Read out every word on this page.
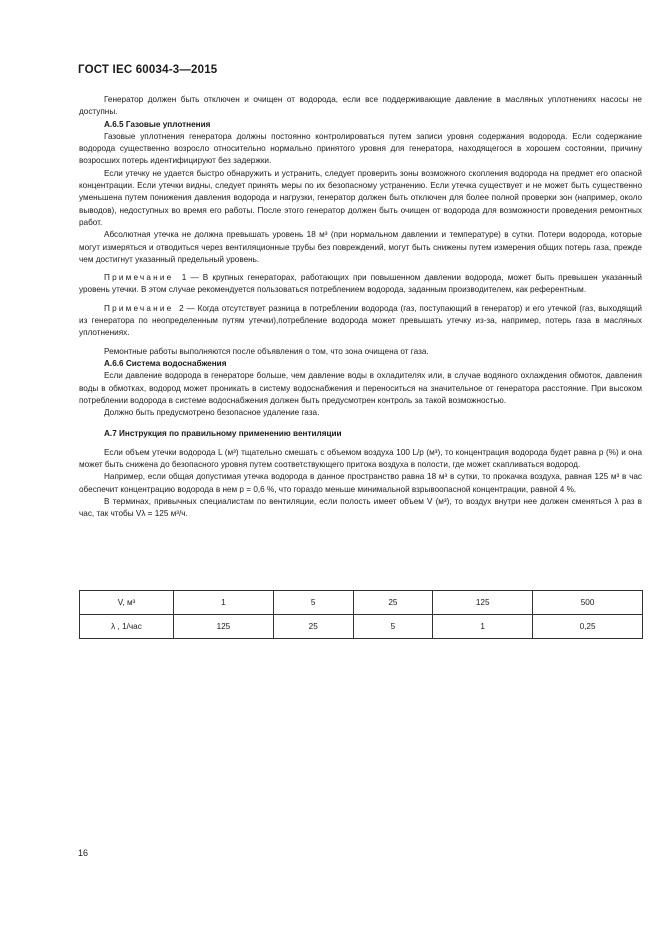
ГОСТ IEC 60034-3—2015

Генератор должен быть отключен и очищен от водорода, если все поддерживающие давление в масляных уплотнениях насосы не доступны.

А.6.5 Газовые уплотнения

Газовые уплотнения генератора должны постоянно контролироваться путем записи уровня содержания водорода. Если содержание водорода существенно возросло относительно нормально принятого уровня для генератора, находящегося в хорошем состоянии, причину возросших потерь идентифицируют без задержки.

Если утечку не удается быстро обнаружить и устранить, следует проверить зоны возможного скопления водорода на предмет его опасной концентрации. Если утечки видны, следует принять меры по их безопасному устранению. Если утечка существует и не может быть существенно уменьшена путем понижения давления водорода и нагрузки, генератор должен быть отключен для более полной проверки зон (например, около выводов), недоступных во время его работы. После этого генератор должен быть очищен от водорода для возможности проведения ремонтных работ.

Абсолютная утечка не должна превышать уровень 18 м³ (при нормальном давлении и температуре) в сутки. Потери водорода, которые могут измеряться и отводиться через вентиляционные трубы без повреждений, могут быть снижены путем измерения общих потерь газа, прежде чем достигнут указанный предельный уровень.

Примечание 1 — В крупных генераторах, работающих при повышенном давлении водорода, может быть превышен указанный уровень утечки. В этом случае рекомендуется пользоваться потреблением водорода, заданным производителем, как референтным.

Примечание 2 — Когда отсутствует разница в потреблении водорода (газ, поступающий в генератор) и его утечкой (газ, выходящий из генератора по неопределенным путям утечки),потребление водорода может превышать утечку из-за, например, потерь газа в масляных уплотнениях.

Ремонтные работы выполняются после объявления о том, что зона очищена от газа.

А.6.6 Система водоснабжения

Если давление водорода в генераторе больше, чем давление воды в охладителях или, в случае водяного охлаждения обмоток, давления воды в обмотках, водород может проникать в систему водоснабжения и переноситься на значительное от генератора расстояние. При высоком потреблении водорода в системе водоснабжения должен быть предусмотрен контроль за такой возможностью.

Должно быть предусмотрено безопасное удаление газа.

А.7 Инструкция по правильному применению вентиляции

Если объем утечки водорода L (м³) тщательно смешать с объемом воздуха 100 L/p (м³), то концентрация водорода будет равна p (%) и она может быть снижена до безопасного уровня путем соответствующего притока воздуха в полости, где может скапливаться водород.

Например, если общая допустимая утечка водорода в данное пространство равна 18 м³ в сутки, то прокачка воздуха, равная 125 м³ в час обеспечит концентрацию водорода в нем p = 0,6 %, что гораздо меньше минимальной взрывоопасной концентрации, равной 4 %.

В терминах, привычных специалистам по вентиляции, если полость имеет объем V (м³), то воздух внутри нее должен сменяться λ раз в час, так чтобы Vλ = 125 м³/ч.

V, м³	1	5	25	125	500
λ , 1/час	125	25	5	1	0,25
16
